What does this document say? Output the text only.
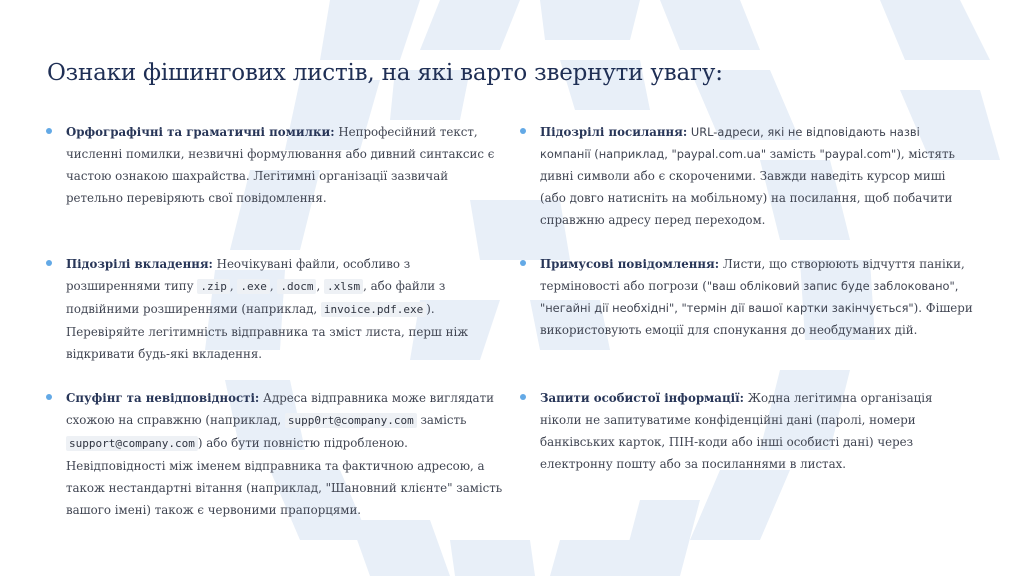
Ознаки фішингових листів, на які варто звернути увагу:
Орфографічні та граматичні помилки: Непрофесійний текст, численні помилки, незвичні формулювання або дивний синтаксис є частою ознакою шахрайства. Легітимні організації зазвичай ретельно перевіряють свої повідомлення.
Підозрілі вкладення: Неочікувані файли, особливо з розширеннями типу .zip , .exe , .docm , .xlsm , або файли з подвійними розширеннями (наприклад, invoice.pdf.exe ). Перевіряйте легітимність відправника та зміст листа, перш ніж відкривати будь-які вкладення.
Спуфінг та невідповідності: Адреса відправника може виглядати схожою на справжню (наприклад, supp0rt@company.com замість support@company.com ) або бути повністю підробленою. Невідповідності між іменем відправника та фактичною адресою, а також нестандартні вітання (наприклад, "Шановний клієнте" замість вашого імені) також є червоними прапорцями.
Підозрілі посилання: URL-адреси, які не відповідають назві компанії (наприклад, "paypal.com.ua" замість "paypal.com"), містять дивні символи або є скороченими. Завжди наведіть курсор миші (або довго натисніть на мобільному) на посилання, щоб побачити справжню адресу перед переходом.
Примусові повідомлення: Листи, що створюють відчуття паніки, терміновості або погрози ("ваш обліковий запис буде заблоковано", "негайні дії необхідні", "термін дії вашої картки закінчується"). Фішери використовують емоції для спонукання до необдуманих дій.
Запити особистої інформації: Жодна легітимна організація ніколи не запитуватиме конфіденційні дані (паролі, номери банківських карток, ПІН-коди або інші особисті дані) через електронну пошту або за посиланнями в листах.
